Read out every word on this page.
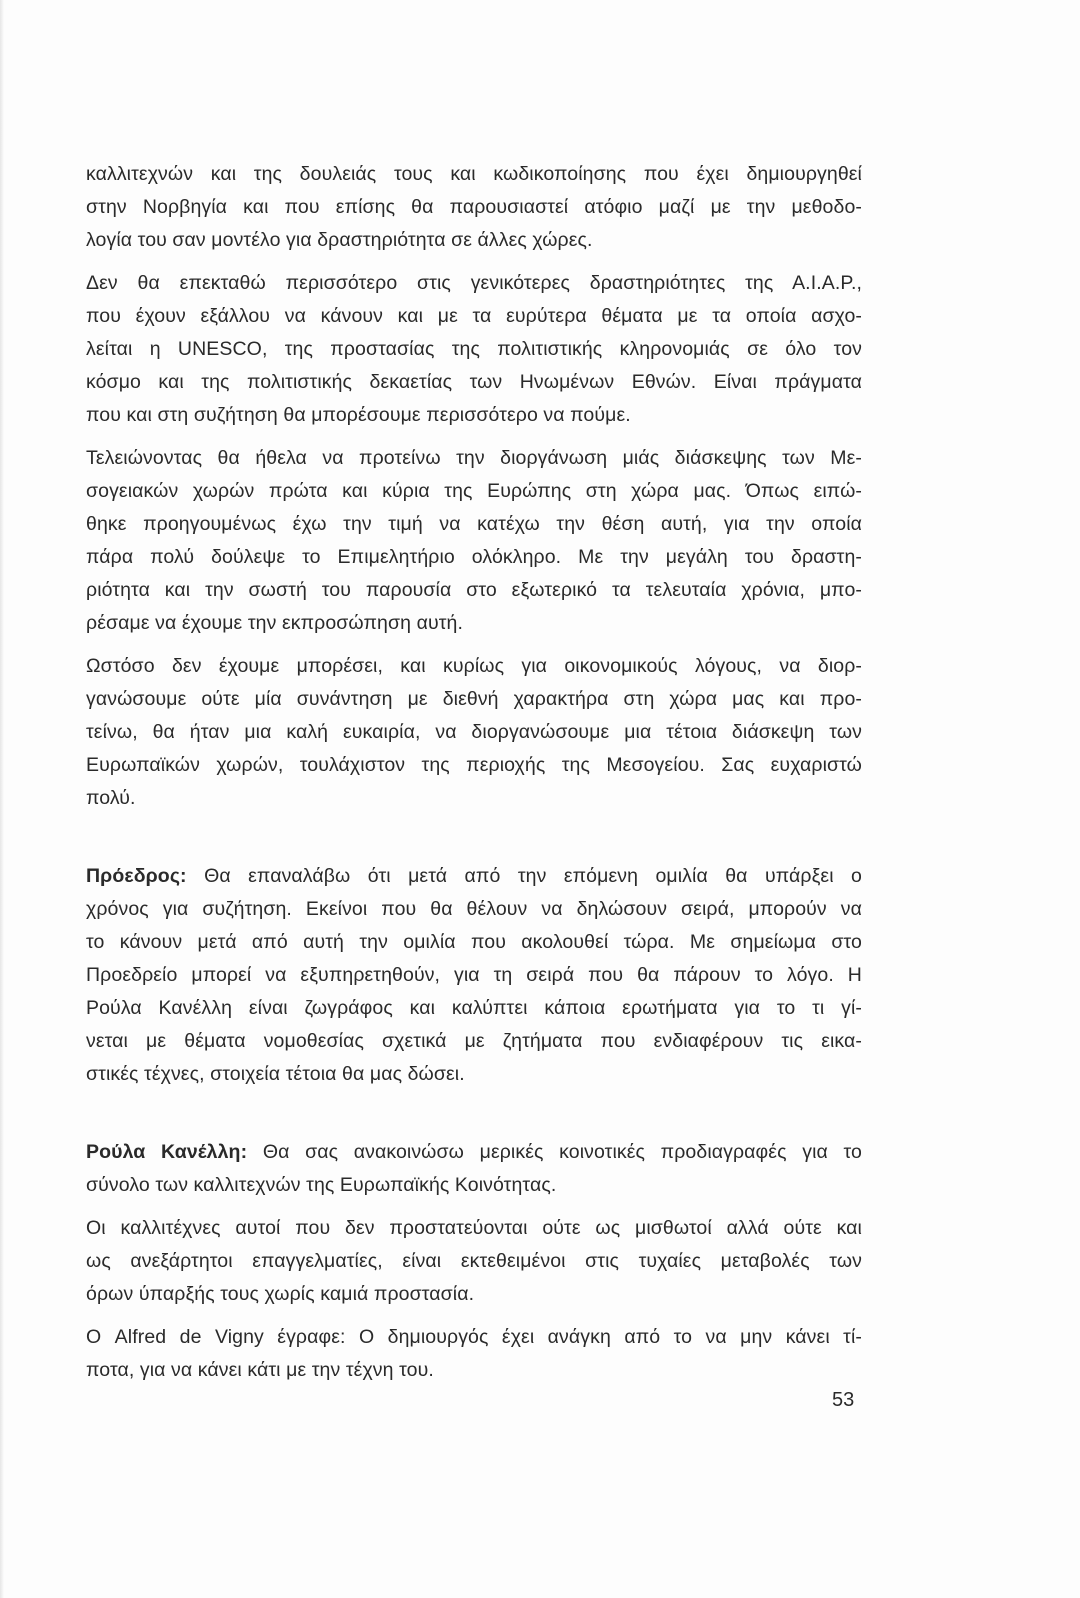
καλλιτεχνών και της δουλειάς τους και κωδικοποίησης που έχει δημιουργηθεί
στην Νορβηγία και που επίσης θα παρουσιαστεί ατόφιο μαζί με την μεθοδο-
λογία του σαν μοντέλο για δραστηριότητα σε άλλες χώρες.
Δεν θα επεκταθώ περισσότερο στις γενικότερες δραστηριότητες της Α.Ι.Α.Ρ.,
που έχουν εξάλλου να κάνουν και με τα ευρύτερα θέματα με τα οποία ασχο-
λείται η UNESCO, της προστασίας της πολιτιστικής κληρονομιάς σε όλο τον
κόσμο και της πολιτιστικής δεκαετίας των Ηνωμένων Εθνών. Είναι πράγματα
που και στη συζήτηση θα μπορέσουμε περισσότερο να πούμε.
Τελειώνοντας θα ήθελα να προτείνω την διοργάνωση μιάς διάσκεψης των Με-
σογειακών χωρών πρώτα και κύρια της Ευρώπης στη χώρα μας. Όπως ειπώ-
θηκε προηγουμένως έχω την τιμή να κατέχω την θέση αυτή, για την οποία
πάρα πολύ δούλεψε το Επιμελητήριο ολόκληρο. Με την μεγάλη του δραστη-
ριότητα και την σωστή του παρουσία στο εξωτερικό τα τελευταία χρόνια, μπο-
ρέσαμε να έχουμε την εκπροσώπηση αυτή.
Ωστόσο δεν έχουμε μπορέσει, και κυρίως για οικονομικούς λόγους, να διορ-
γανώσουμε ούτε μία συνάντηση με διεθνή χαρακτήρα στη χώρα μας και προ-
τείνω, θα ήταν μια καλή ευκαιρία, να διοργανώσουμε μια τέτοια διάσκεψη των
Ευρωπαϊκών χωρών, τουλάχιστον της περιοχής της Μεσογείου. Σας ευχαριστώ
πολύ.
Πρόεδρος: Θα επαναλάβω ότι μετά από την επόμενη ομιλία θα υπάρξει ο
χρόνος για συζήτηση. Εκείνοι που θα θέλουν να δηλώσουν σειρά, μπορούν να
το κάνουν μετά από αυτή την ομιλία που ακολουθεί τώρα. Με σημείωμα στο
Προεδρείο μπορεί να εξυπηρετηθούν, για τη σειρά που θα πάρουν το λόγο. Η
Ρούλα Κανέλλη είναι ζωγράφος και καλύπτει κάποια ερωτήματα για το τι γί-
νεται με θέματα νομοθεσίας σχετικά με ζητήματα που ενδιαφέρουν τις εικα-
στικές τέχνες, στοιχεία τέτοια θα μας δώσει.
Ρούλα Κανέλλη: Θα σας ανακοινώσω μερικές κοινοτικές προδιαγραφές για το
σύνολο των καλλιτεχνών της Ευρωπαϊκής Κοινότητας.
Οι καλλιτέχνες αυτοί που δεν προστατεύονται ούτε ως μισθωτοί αλλά ούτε και
ως ανεξάρτητοι επαγγελματίες, είναι εκτεθειμένοι στις τυχαίες μεταβολές των
όρων ύπαρξής τους χωρίς καμιά προστασία.
Ο Alfred de Vigny έγραφε: Ο δημιουργός έχει ανάγκη από το να μην κάνει τί-
ποτα, για να κάνει κάτι με την τέχνη του.
53
